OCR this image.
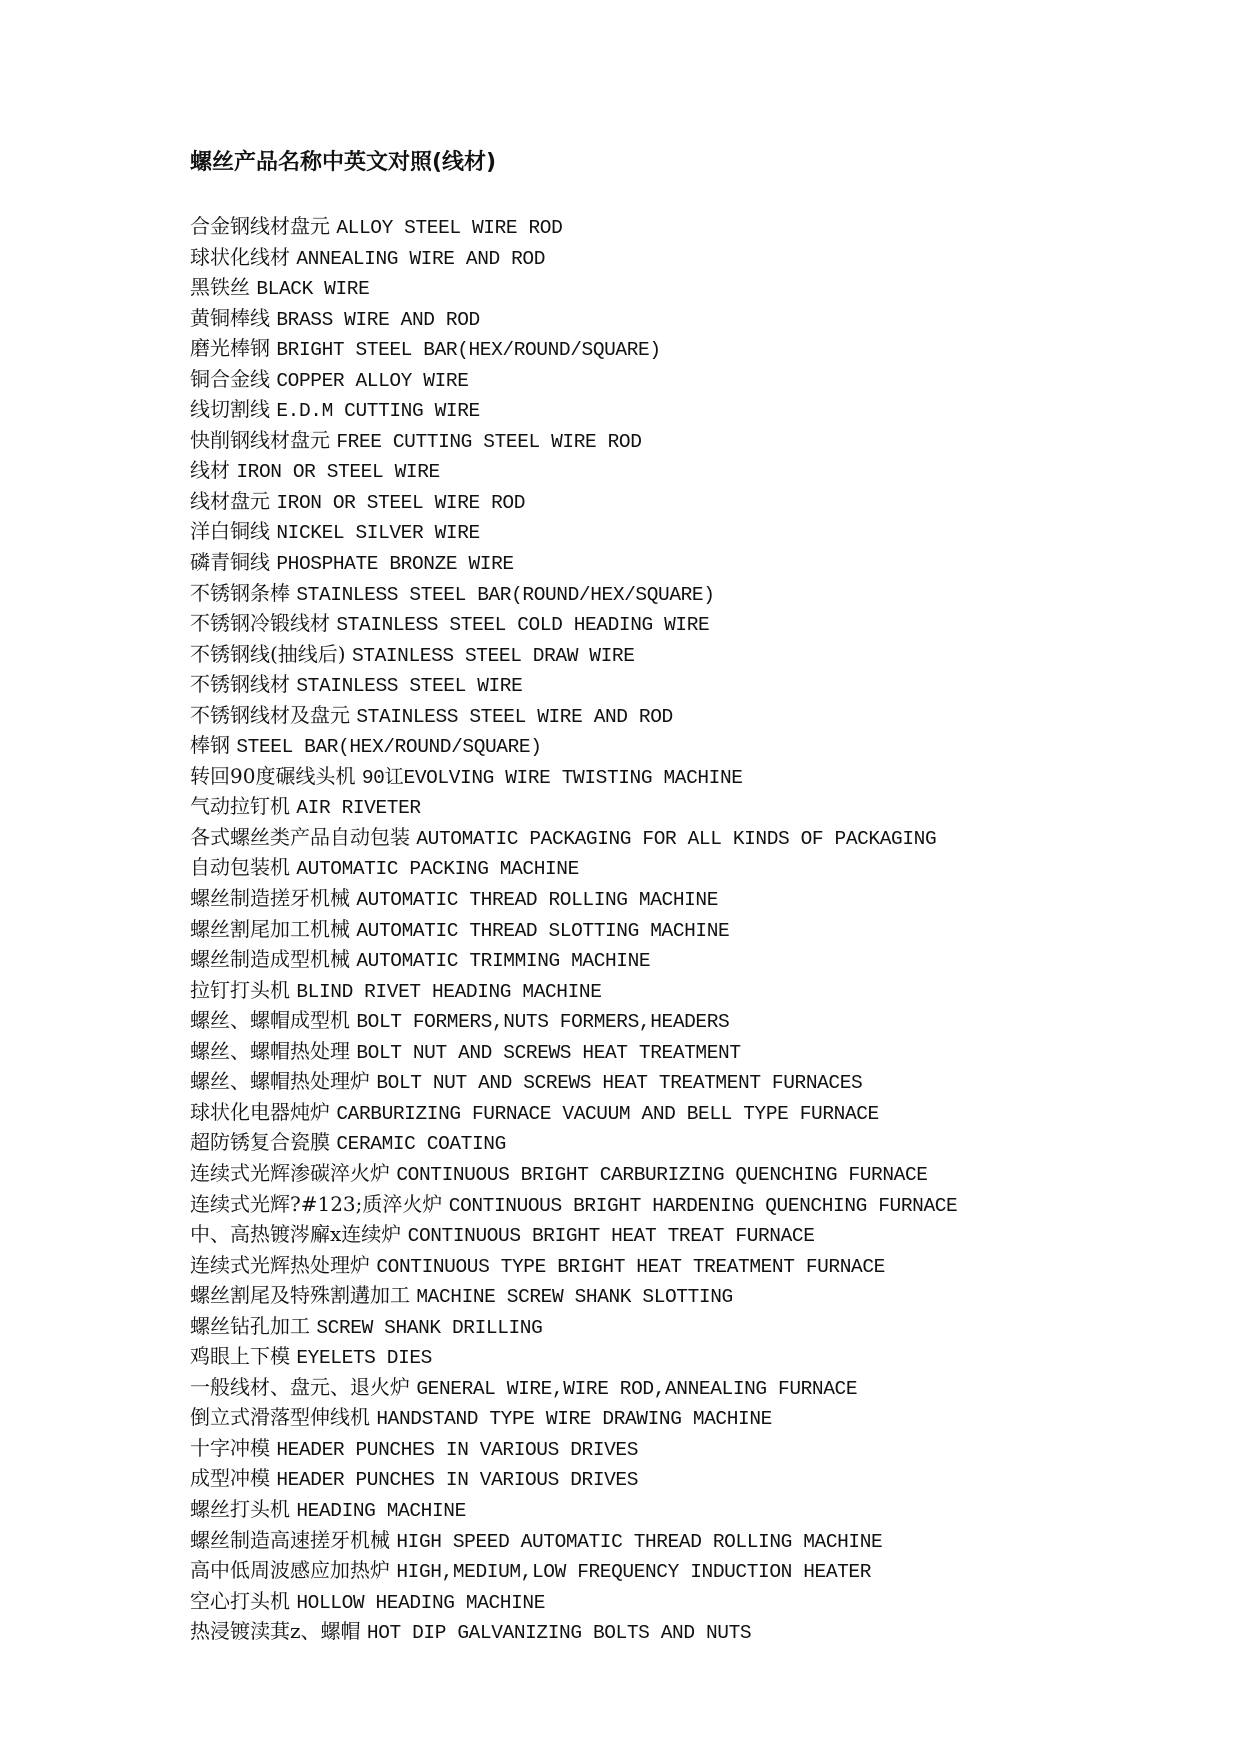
螺丝产品名称中英文对照(线材)
合金钢线材盘元 ALLOY STEEL WIRE ROD
球状化线材 ANNEALING WIRE AND ROD
黑铁丝 BLACK WIRE
黄铜棒线 BRASS WIRE AND ROD
磨光棒钢 BRIGHT STEEL BAR(HEX/ROUND/SQUARE)
铜合金线 COPPER ALLOY WIRE
线切割线 E.D.M CUTTING WIRE
快削钢线材盘元 FREE CUTTING STEEL WIRE ROD
线材 IRON OR STEEL WIRE
线材盘元 IRON OR STEEL WIRE ROD
洋白铜线 NICKEL SILVER WIRE
磷青铜线 PHOSPHATE BRONZE WIRE
不锈钢条棒 STAINLESS STEEL BAR(ROUND/HEX/SQUARE)
不锈钢冷锻线材 STAINLESS STEEL COLD HEADING WIRE
不锈钢线(抽线后) STAINLESS STEEL DRAW WIRE
不锈钢线材 STAINLESS STEEL WIRE
不锈钢线材及盘元 STAINLESS STEEL WIRE AND ROD
棒钢 STEEL BAR(HEX/ROUND/SQUARE)
转回90度碾线头机 90讧EVOLVING WIRE TWISTING MACHINE
气动拉钉机 AIR RIVETER
各式螺丝类产品自动包装 AUTOMATIC PACKAGING FOR ALL KINDS OF PACKAGING
自动包装机 AUTOMATIC PACKING MACHINE
螺丝制造搓牙机械 AUTOMATIC THREAD ROLLING MACHINE
螺丝割尾加工机械 AUTOMATIC THREAD SLOTTING MACHINE
螺丝制造成型机械 AUTOMATIC TRIMMING MACHINE
拉钉打头机 BLIND RIVET HEADING MACHINE
螺丝、螺帽成型机 BOLT FORMERS,NUTS FORMERS,HEADERS
螺丝、螺帽热处理 BOLT NUT AND SCREWS HEAT TREATMENT
螺丝、螺帽热处理炉 BOLT NUT AND SCREWS HEAT TREATMENT FURNACES
球状化电器炖炉 CARBURIZING FURNACE VACUUM AND BELL TYPE FURNACE
超防锈复合瓷膜 CERAMIC COATING
连续式光辉渗碳淬火炉 CONTINUOUS BRIGHT CARBURIZING QUENCHING FURNACE
连续式光辉?#123;质淬火炉 CONTINUOUS BRIGHT HARDENING QUENCHING FURNACE
中、高热镀涔廨x连续炉 CONTINUOUS BRIGHT HEAT TREAT FURNACE
连续式光辉热处理炉 CONTINUOUS TYPE BRIGHT HEAT TREATMENT FURNACE
螺丝割尾及特殊割遘加工 MACHINE SCREW SHANK SLOTTING
螺丝钻孔加工 SCREW SHANK DRILLING
鸡眼上下模 EYELETS DIES
一般线材、盘元、退火炉 GENERAL WIRE,WIRE ROD,ANNEALING FURNACE
倒立式滑落型伸线机 HANDSTAND TYPE WIRE DRAWING MACHINE
十字冲模 HEADER PUNCHES IN VARIOUS DRIVES
成型冲模 HEADER PUNCHES IN VARIOUS DRIVES
螺丝打头机 HEADING MACHINE
螺丝制造高速搓牙机械 HIGH SPEED AUTOMATIC THREAD ROLLING MACHINE
高中低周波感应加热炉 HIGH,MEDIUM,LOW FREQUENCY INDUCTION HEATER
空心打头机 HOLLOW HEADING MACHINE
热浸镀渎萁z、螺帽 HOT DIP GALVANIZING BOLTS AND NUTS
